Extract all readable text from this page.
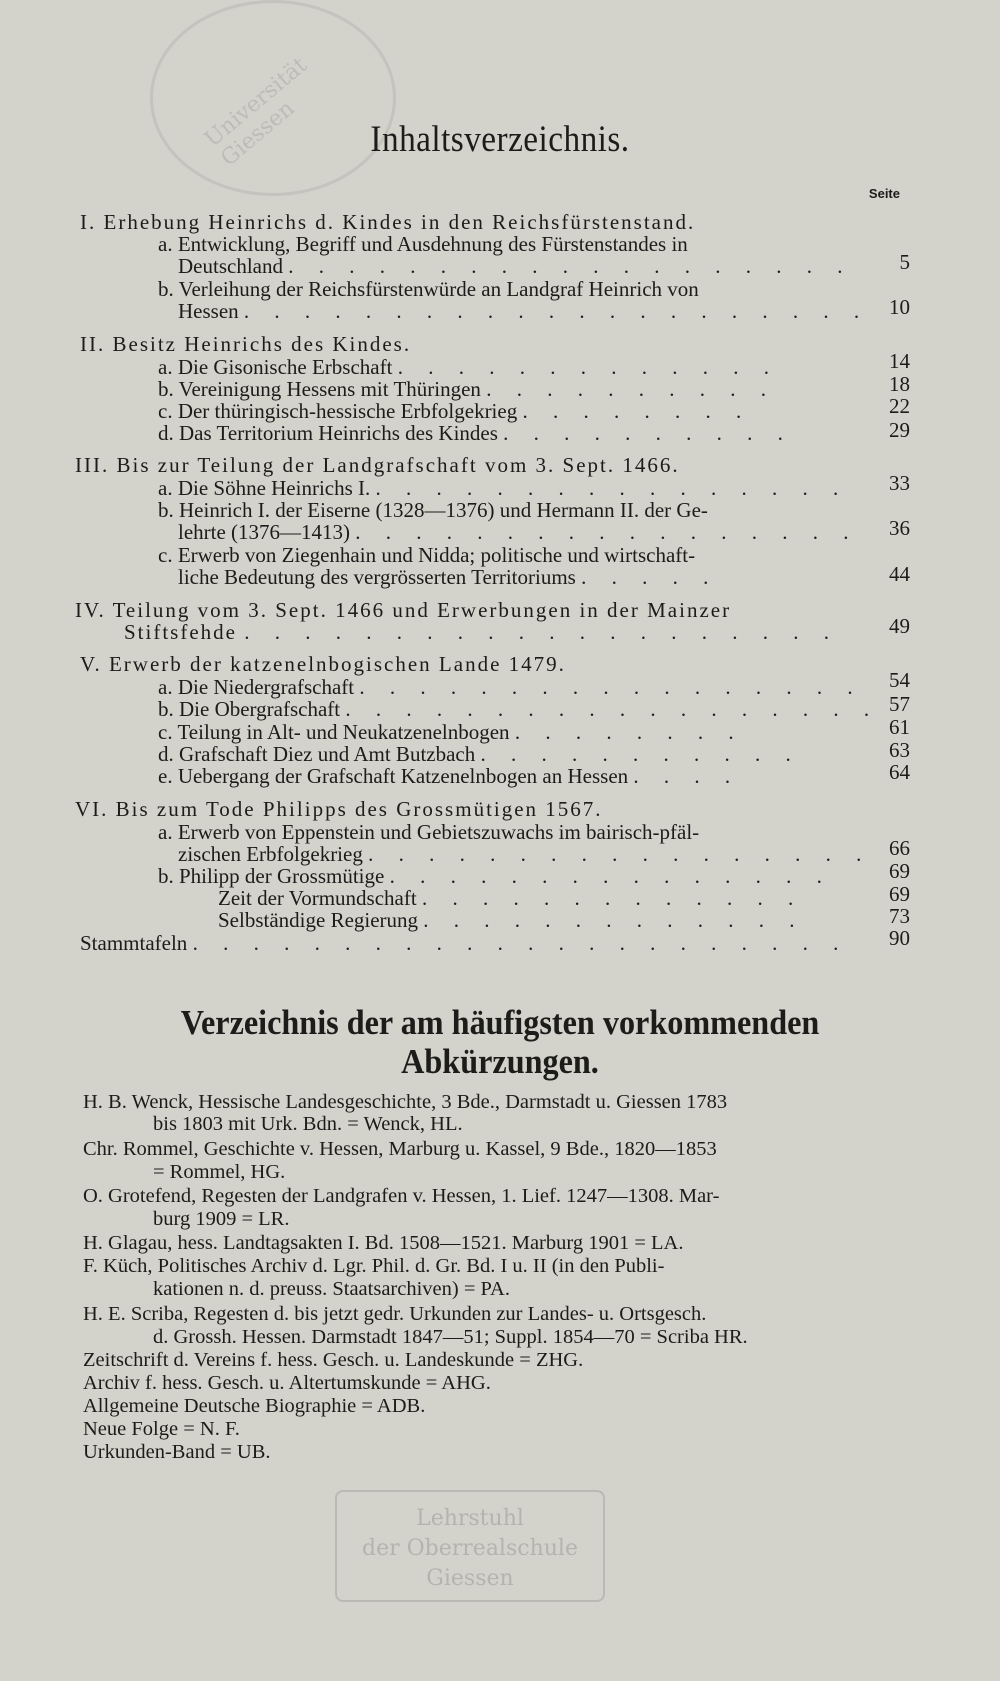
Universität Giessen
Lehrstuhl
der Oberrealschule
Giessen
Inhaltsverzeichnis.
Seite
I. Erhebung Heinrichs d. Kindes in den Reichsfürstenstand.
a. Entwicklung, Begriff und Ausdehnung des Fürstenstandes in
Deutschland . . . . . . . . . . . . . . . . . . .	5
b. Verleihung der Reichsfürstenwürde an Landgraf Heinrich von
Hessen . . . . . . . . . . . . . . . . . . . . . 10
II. Besitz Heinrichs des Kindes.
a. Die Gisonische Erbschaft . . . . . . . . . . . . .	14
b. Vereinigung Hessens mit Thüringen . . . . . . . . . .	18
c. Der thüringisch-hessische Erbfolgekrieg . . . . . . . .	22
d. Das Territorium Heinrichs des Kindes . . . . . . . . . .	29
III. Bis zur Teilung der Landgrafschaft vom 3. Sept. 1466.
a. Die Söhne Heinrichs I. . . . . . . . . . . . . . . . .	33
b. Heinrich I. der Eiserne (1328—1376) und Hermann II. der Ge-
lehrte (1376—1413) . . . . . . . . . . . . . . . . .	36
c. Erwerb von Ziegenhain und Nidda; politische und wirtschaft-
liche Bedeutung des vergrösserten Territoriums . . . . .	44
IV. Teilung vom 3. Sept. 1466 und Erwerbungen in der Mainzer
Stiftsfehde . . . . . . . . . . . . . . . . . . . .	49
V. Erwerb der katzenelnbogischen Lande 1479.
a. Die Niedergrafschaft . . . . . . . . . . . . . . . . .	54
b. Die Obergrafschaft . . . . . . . . . . . . . . . . . . 57
c. Teilung in Alt- und Neukatzenelnbogen . . . . . . . .	61
d. Grafschaft Diez und Amt Butzbach . . . . . . . . . . .	63
e. Uebergang der Grafschaft Katzenelnbogen an Hessen . . . .	64
VI. Bis zum Tode Philipps des Grossmütigen 1567.
a. Erwerb von Eppenstein und Gebietszuwachs im bairisch-pfäl-
zischen Erbfolgekrieg . . . . . . . . . . . . . . . . . 66
b. Philipp der Grossmütige . . . . . . . . . . . . . . .	69
Zeit der Vormundschaft . . . . . . . . . . . . .	69
Selbständige Regierung . . . . . . . . . . . . .	73
Stammtafeln . . . . . . . . . . . . . . . . . . . . . .	90
Verzeichnis der am häufigsten vorkommenden
Abkürzungen.
H. B. Wenck, Hessische Landesgeschichte, 3 Bde., Darmstadt u. Giessen 1783
bis 1803 mit Urk. Bdn. = Wenck, HL.
Chr. Rommel, Geschichte v. Hessen, Marburg u. Kassel, 9 Bde., 1820—1853
= Rommel, HG.
O. Grotefend, Regesten der Landgrafen v. Hessen, 1. Lief. 1247—1308. Mar-
burg 1909 = LR.
H. Glagau, hess. Landtagsakten I. Bd. 1508—1521. Marburg 1901 = LA.
F. Küch, Politisches Archiv d. Lgr. Phil. d. Gr. Bd. I u. II (in den Publi-
kationen n. d. preuss. Staatsarchiven) = PA.
H. E. Scriba, Regesten d. bis jetzt gedr. Urkunden zur Landes- u. Ortsgesch.
d. Grossh. Hessen. Darmstadt 1847—51; Suppl. 1854—70 = Scriba HR.
Zeitschrift d. Vereins f. hess. Gesch. u. Landeskunde = ZHG.
Archiv f. hess. Gesch. u. Altertumskunde = AHG.
Allgemeine Deutsche Biographie = ADB.
Neue Folge = N. F.
Urkunden-Band = UB.
